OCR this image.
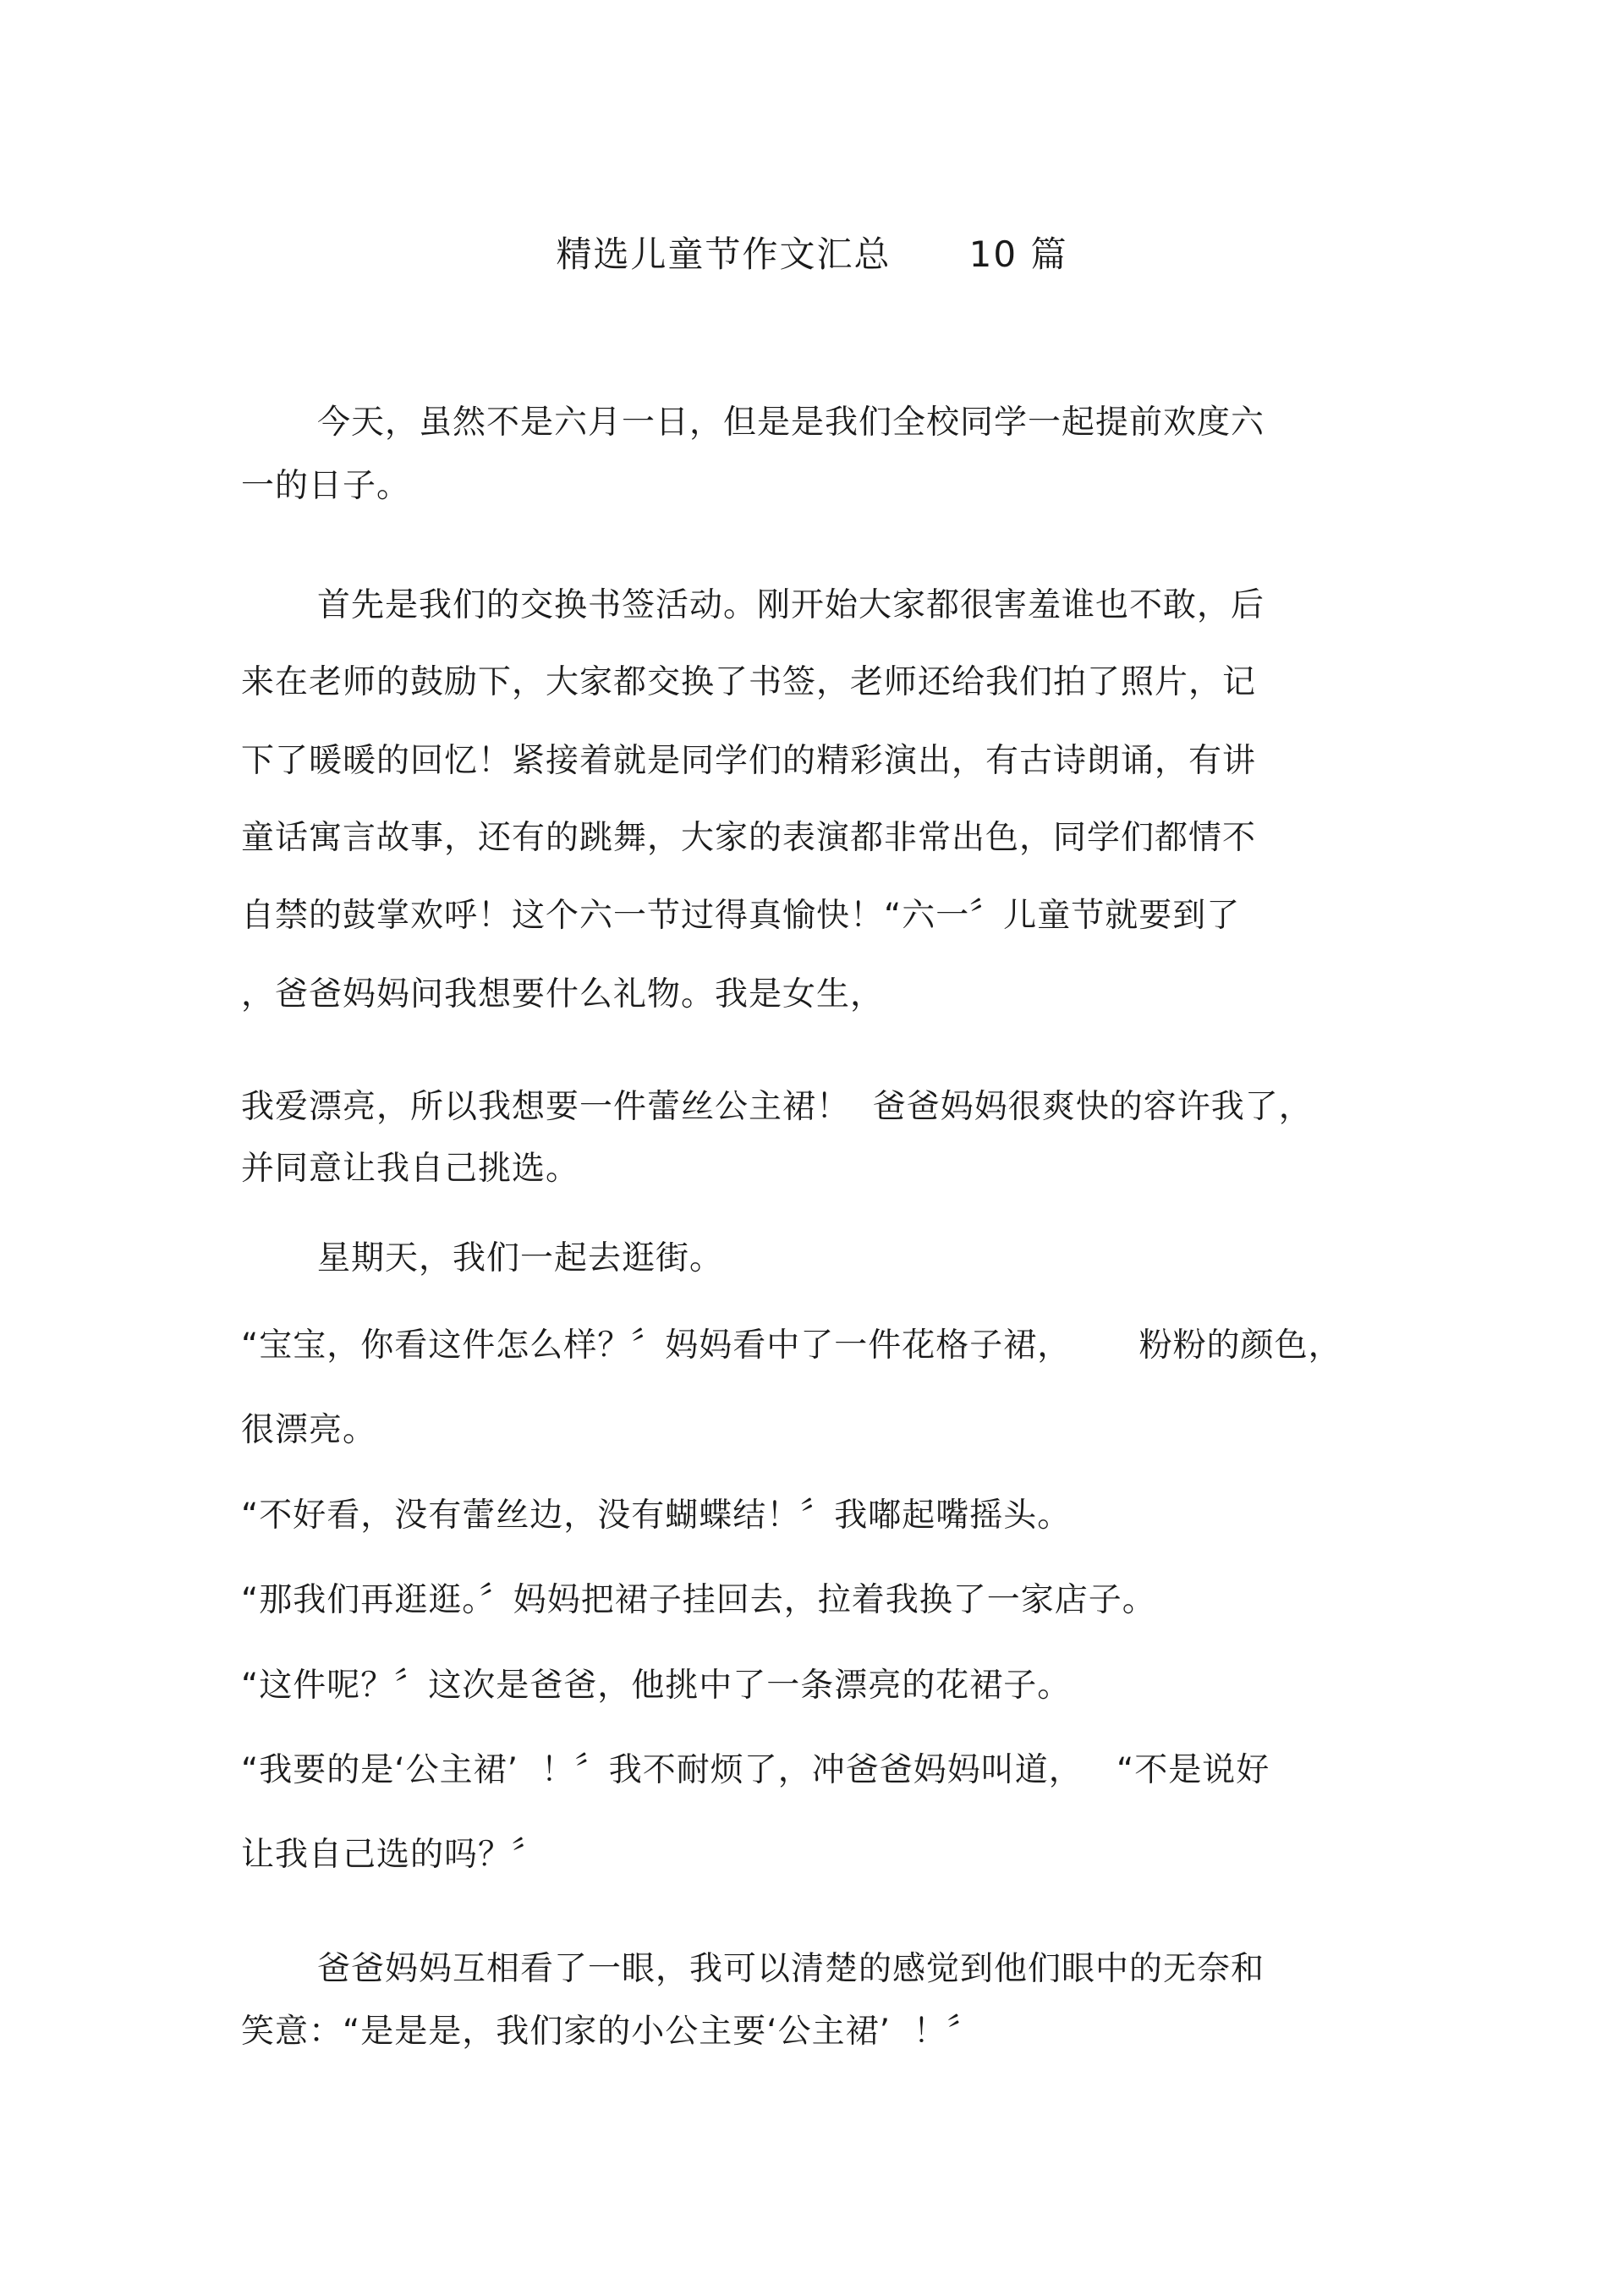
精选儿童节作文汇总      10 篇
今天，虽然不是六月一日，但是是我们全校同学一起提前欢度六
一的日子。
首先是我们的交换书签活动。刚开始大家都很害羞谁也不敢，后
来在老师的鼓励下，大家都交换了书签，老师还给我们拍了照片，记
下了暖暖的回忆！紧接着就是同学们的精彩演出，有古诗朗诵，有讲
童话寓言故事，还有的跳舞，大家的表演都非常出色，同学们都情不
自禁的鼓掌欢呼！这个六一节过得真愉快！“六一〞儿童节就要到了
，爸爸妈妈问我想要什么礼物。我是女生，
我爱漂亮，所以我想要一件蕾丝公主裙！  爸爸妈妈很爽快的容许我了，
并同意让我自己挑选。
星期天，我们一起去逛街。
“宝宝，你看这件怎么样？〞妈妈看中了一件花格子裙，      粉粉的颜色，
很漂亮。
“不好看，没有蕾丝边，没有蝴蝶结！〞我嘟起嘴摇头。
“那我们再逛逛。〞妈妈把裙子挂回去，拉着我换了一家店子。
“这件呢？〞这次是爸爸，他挑中了一条漂亮的花裙子。
“我要的是‘公主裙’  ！〞我不耐烦了，冲爸爸妈妈叫道，   “不是说好
让我自己选的吗？〞
爸爸妈妈互相看了一眼，我可以清楚的感觉到他们眼中的无奈和
笑意：“是是是，我们家的小公主要‘公主裙’  ！〞
